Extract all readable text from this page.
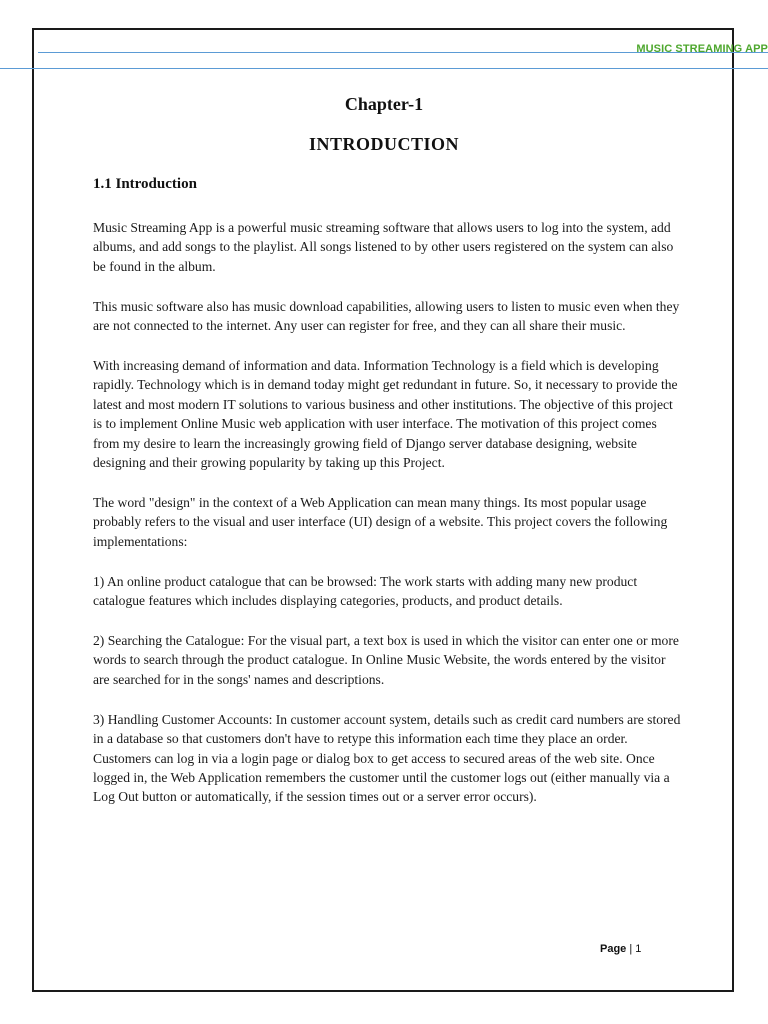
MUSIC STREAMING APP
Chapter-1
INTRODUCTION
1.1 Introduction

Music Streaming App is a powerful music streaming software that allows users to log into the system, add albums, and add songs to the playlist. All songs listened to by other users registered on the system can also be found in the album.

This music software also has music download capabilities, allowing users to listen to music even when they are not connected to the internet. Any user can register for free, and they can all share their music.

With increasing demand of information and data. Information Technology is a field which is developing rapidly. Technology which is in demand today might get redundant in future. So, it necessary to provide the latest and most modern IT solutions to various business and other institutions. The objective of this project is to implement Online Music web application with user interface. The motivation of this project comes from my desire to learn the increasingly growing field of Django server database designing, website designing and their growing popularity by taking up this Project.

The word "design" in the context of a Web Application can mean many things. Its most popular usage probably refers to the visual and user interface (UI) design of a website. This project covers the following implementations:

1) An online product catalogue that can be browsed: The work starts with adding many new product catalogue features which includes displaying categories, products, and product details.

2) Searching the Catalogue: For the visual part, a text box is used in which the visitor can enter one or more words to search through the product catalogue. In Online Music Website, the words entered by the visitor are searched for in the songs' names and descriptions.

3) Handling Customer Accounts: In customer account system, details such as credit card numbers are stored in a database so that customers don't have to retype this information each time they place an order. Customers can log in via a login page or dialog box to get access to secured areas of the web site. Once logged in, the Web Application remembers the customer until the customer logs out (either manually via a Log Out button or automatically, if the session times out or a server error occurs).

Page | 1
